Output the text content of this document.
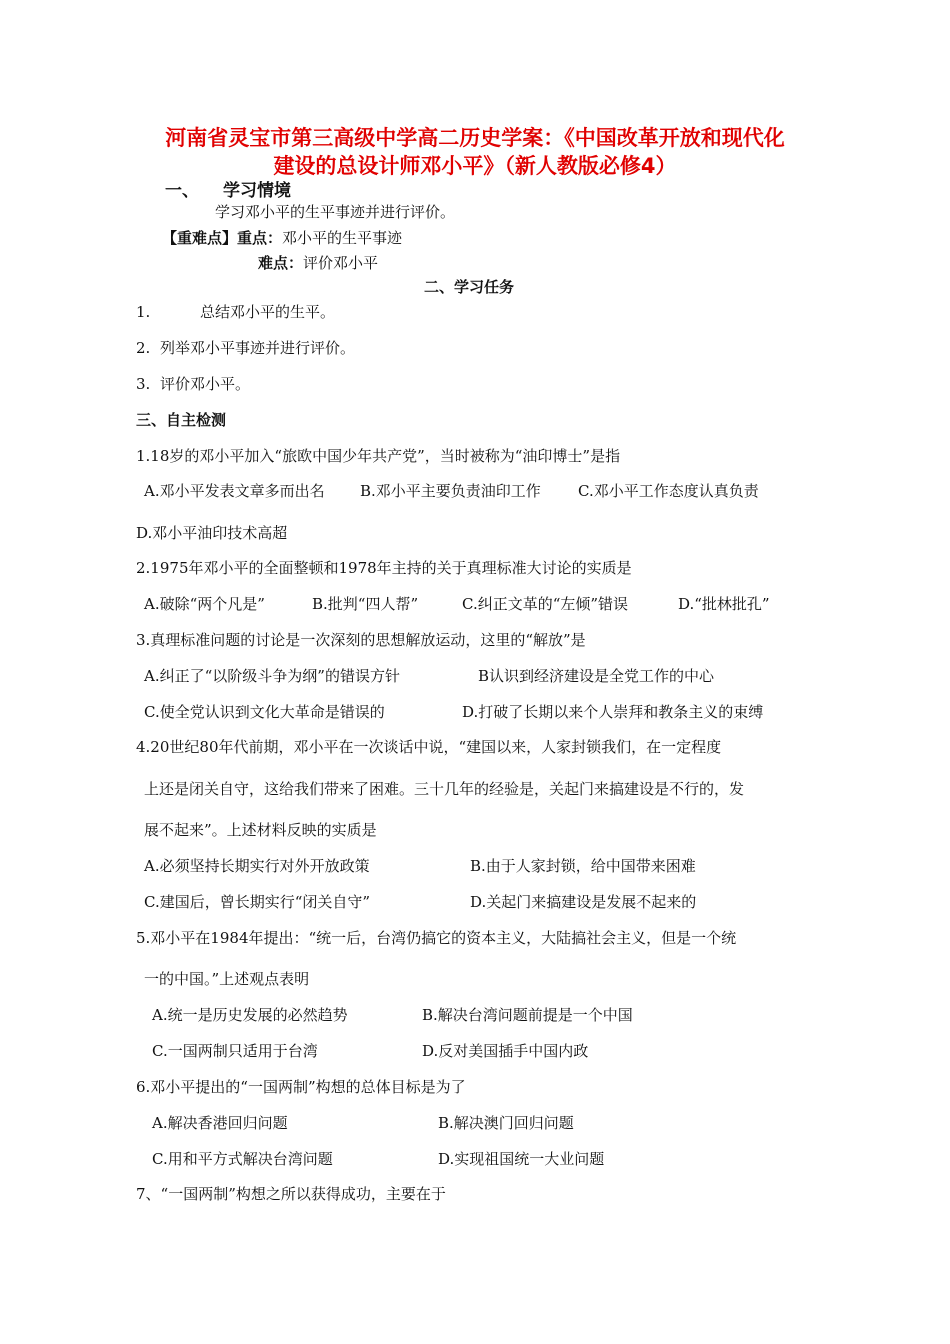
河南省灵宝市第三高级中学高二历史学案：《中国改革开放和现代化
建设的总设计师邓小平》（新人教版必修4）
一、 学习情境
学习邓小平的生平事迹并进行评价。
【重难点】重点：邓小平的生平事迹
难点：评价邓小平
二、学习任务
1.	总结邓小平的生平。
2. 列举邓小平事迹并进行评价。
3. 评价邓小平。
三、自主检测
1.18岁的邓小平加入“旅欧中国少年共产党”，当时被称为“油印博士”是指
A.邓小平发表文章多而出名 B.邓小平主要负责油印工作 C.邓小平工作态度认真负责
D.邓小平油印技术高超
2.1975年邓小平的全面整顿和1978年主持的关于真理标准大讨论的实质是
A.破除“两个凡是”	B.批判“四人帮”	C.纠正文革的“左倾”错误	D.“批林批孔”
3.真理标准问题的讨论是一次深刻的思想解放运动，这里的“解放”是
A.纠正了“以阶级斗争为纲”的错误方针	B认识到经济建设是全党工作的中心
C.使全党认识到文化大革命是错误的	D.打破了长期以来个人崇拜和教条主义的束缚
4.20世纪80年代前期，邓小平在一次谈话中说，“建国以来，人家封锁我们，在一定程度
上还是闭关自守，这给我们带来了困难。三十几年的经验是，关起门来搞建设是不行的，发
展不起来”。上述材料反映的实质是
A.必须坚持长期实行对外开放政策	B.由于人家封锁，给中国带来困难
C.建国后，曾长期实行“闭关自守”	D.关起门来搞建设是发展不起来的
5.邓小平在1984年提出：“统一后，台湾仍搞它的资本主义，大陆搞社会主义，但是一个统
一的中国。”上述观点表明
A.统一是历史发展的必然趋势	B.解决台湾问题前提是一个中国
C.一国两制只适用于台湾	D.反对美国插手中国内政
6.邓小平提出的“一国两制”构想的总体目标是为了
A.解决香港回归问题	B.解决澳门回归问题
C.用和平方式解决台湾问题	D.实现祖国统一大业问题
7、“一国两制”构想之所以获得成功，主要在于
